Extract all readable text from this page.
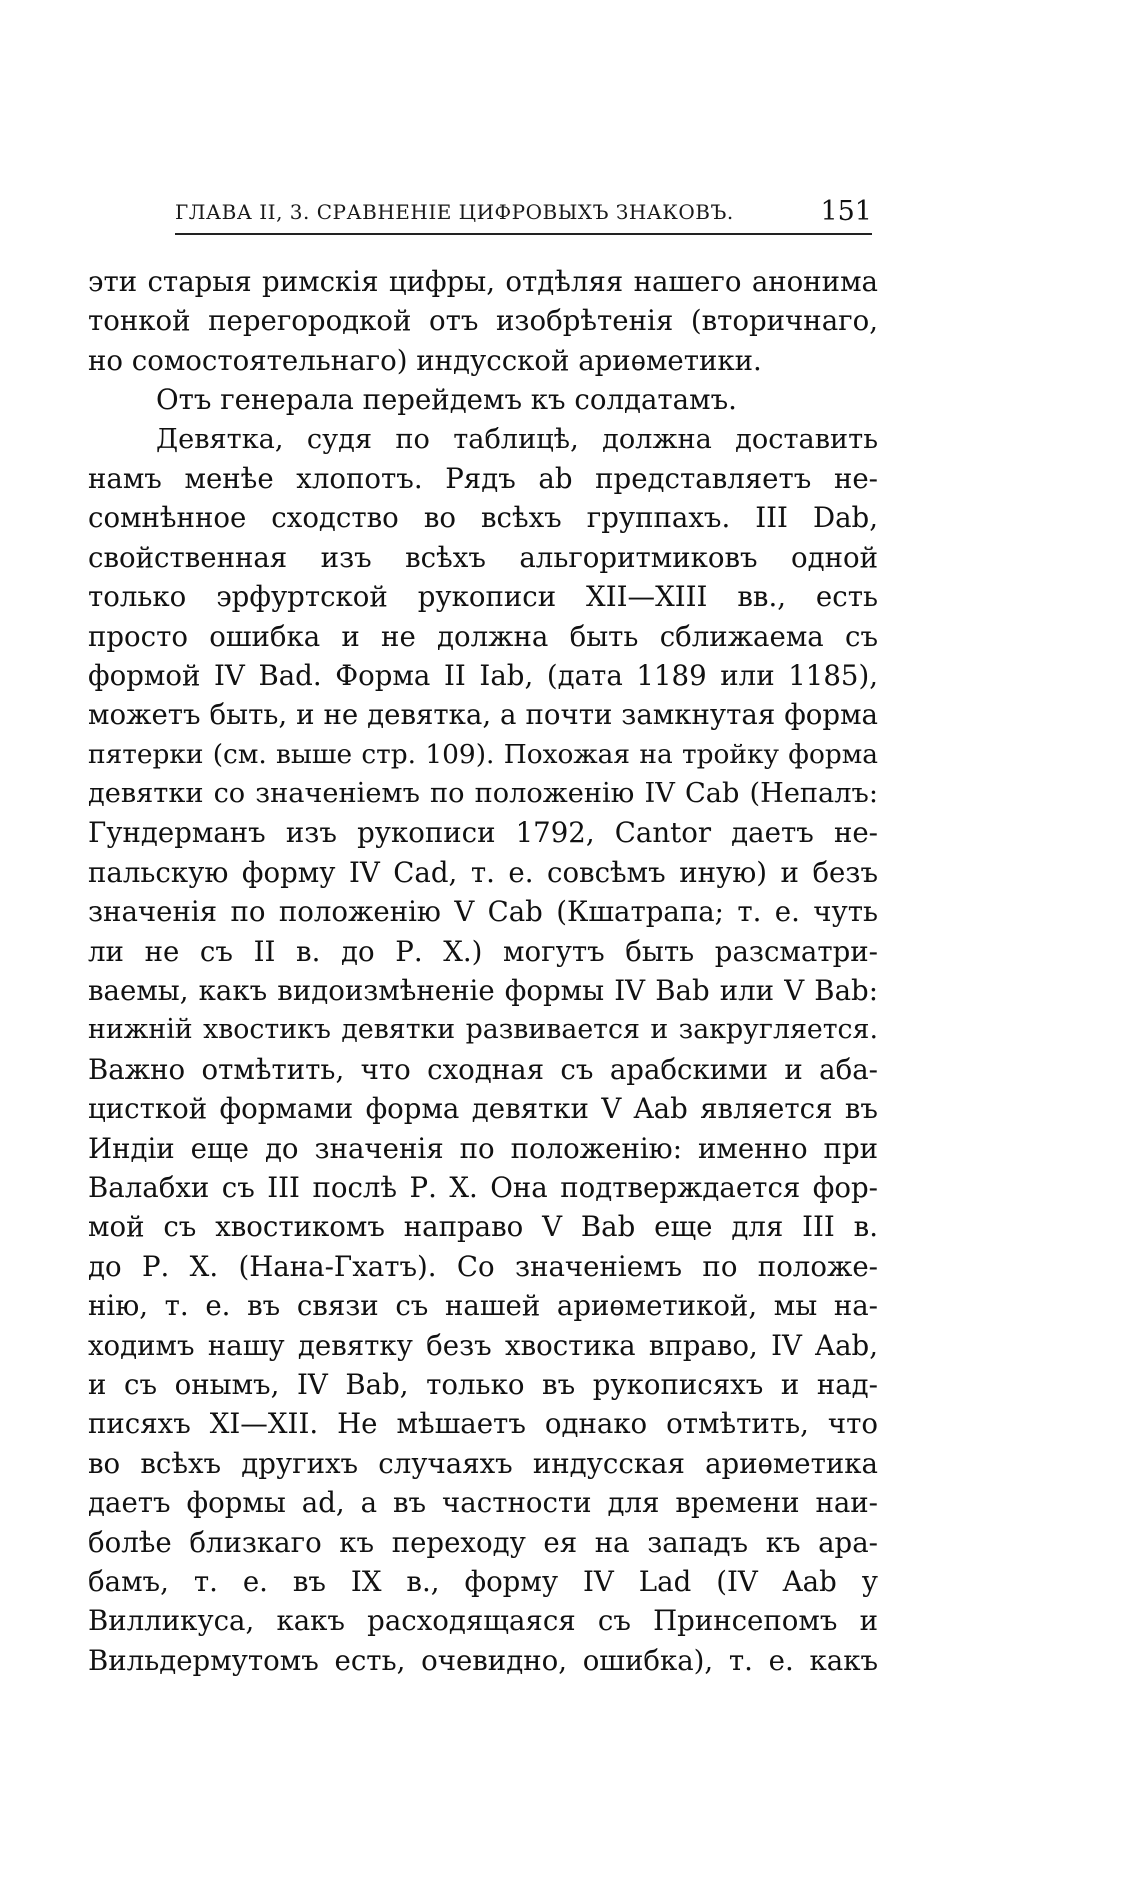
ГЛАВА II, 3. СРАВНЕНІЕ ЦИФРОВЫХЪ ЗНАКОВЪ.	151
эти старыя римскія цифры, отдѣляя нашего анонима
тонкой перегородкой отъ изобрѣтенія (вторичнаго,
но сомостоятельнаго) индусской ариѳметики.
Отъ генерала перейдемъ къ солдатамъ.
Девятка, судя по таблицѣ, должна доставить
намъ менѣе хлопотъ. Рядъ ab представляетъ не-
сомнѣнное сходство во всѣхъ группахъ. III Dab,
свойственная изъ всѣхъ альгоритмиковъ одной
только эрфуртской рукописи XII—XIII вв., есть
просто ошибка и не должна быть сближаема съ
формой IV Bad. Форма II Iab, (дата 1189 или 1185),
можетъ быть, и не девятка, а почти замкнутая форма
пятерки (см. выше стр. 109). Похожая на тройку форма
девятки со значеніемъ по положенію IV Cab (Непалъ:
Гундерманъ изъ рукописи 1792, Cantor даетъ не-
пальскую форму IV Cad, т. е. совсѣмъ иную) и безъ
значенія по положенію V Cab (Кшатрапа; т. е. чуть
ли не съ II в. до Р. Х.) могутъ быть разсматри-
ваемы, какъ видоизмѣненіе формы IV Bab или V Bab:
нижній хвостикъ девятки развивается и закругляется.
Важно отмѣтить, что сходная съ арабскими и аба-
цисткой формами форма девятки V Aab является въ
Индіи еще до значенія по положенію: именно при
Валабхи съ III послѣ Р. Х. Она подтверждается фор-
мой съ хвостикомъ направо V Bab еще для III в.
до Р. Х. (Нана-Гхатъ). Со значеніемъ по положе-
нію, т. е. въ связи съ нашей ариѳметикой, мы на-
ходимъ нашу девятку безъ хвостика вправо, IV Aab,
и съ онымъ, IV Bab, только въ рукописяхъ и над-
писяхъ XI—XII. Не мѣшаетъ однако отмѣтить, что
во всѣхъ другихъ случаяхъ индусская ариѳметика
даетъ формы ad, а въ частности для времени наи-
болѣе близкаго къ переходу ея на западъ къ ара-
бамъ, т. е. въ IX в., форму IV Lad (IV Aab у
Вилликуса, какъ расходящаяся съ Принсепомъ и
Вильдермутомъ есть, очевидно, ошибка), т. е. какъ
